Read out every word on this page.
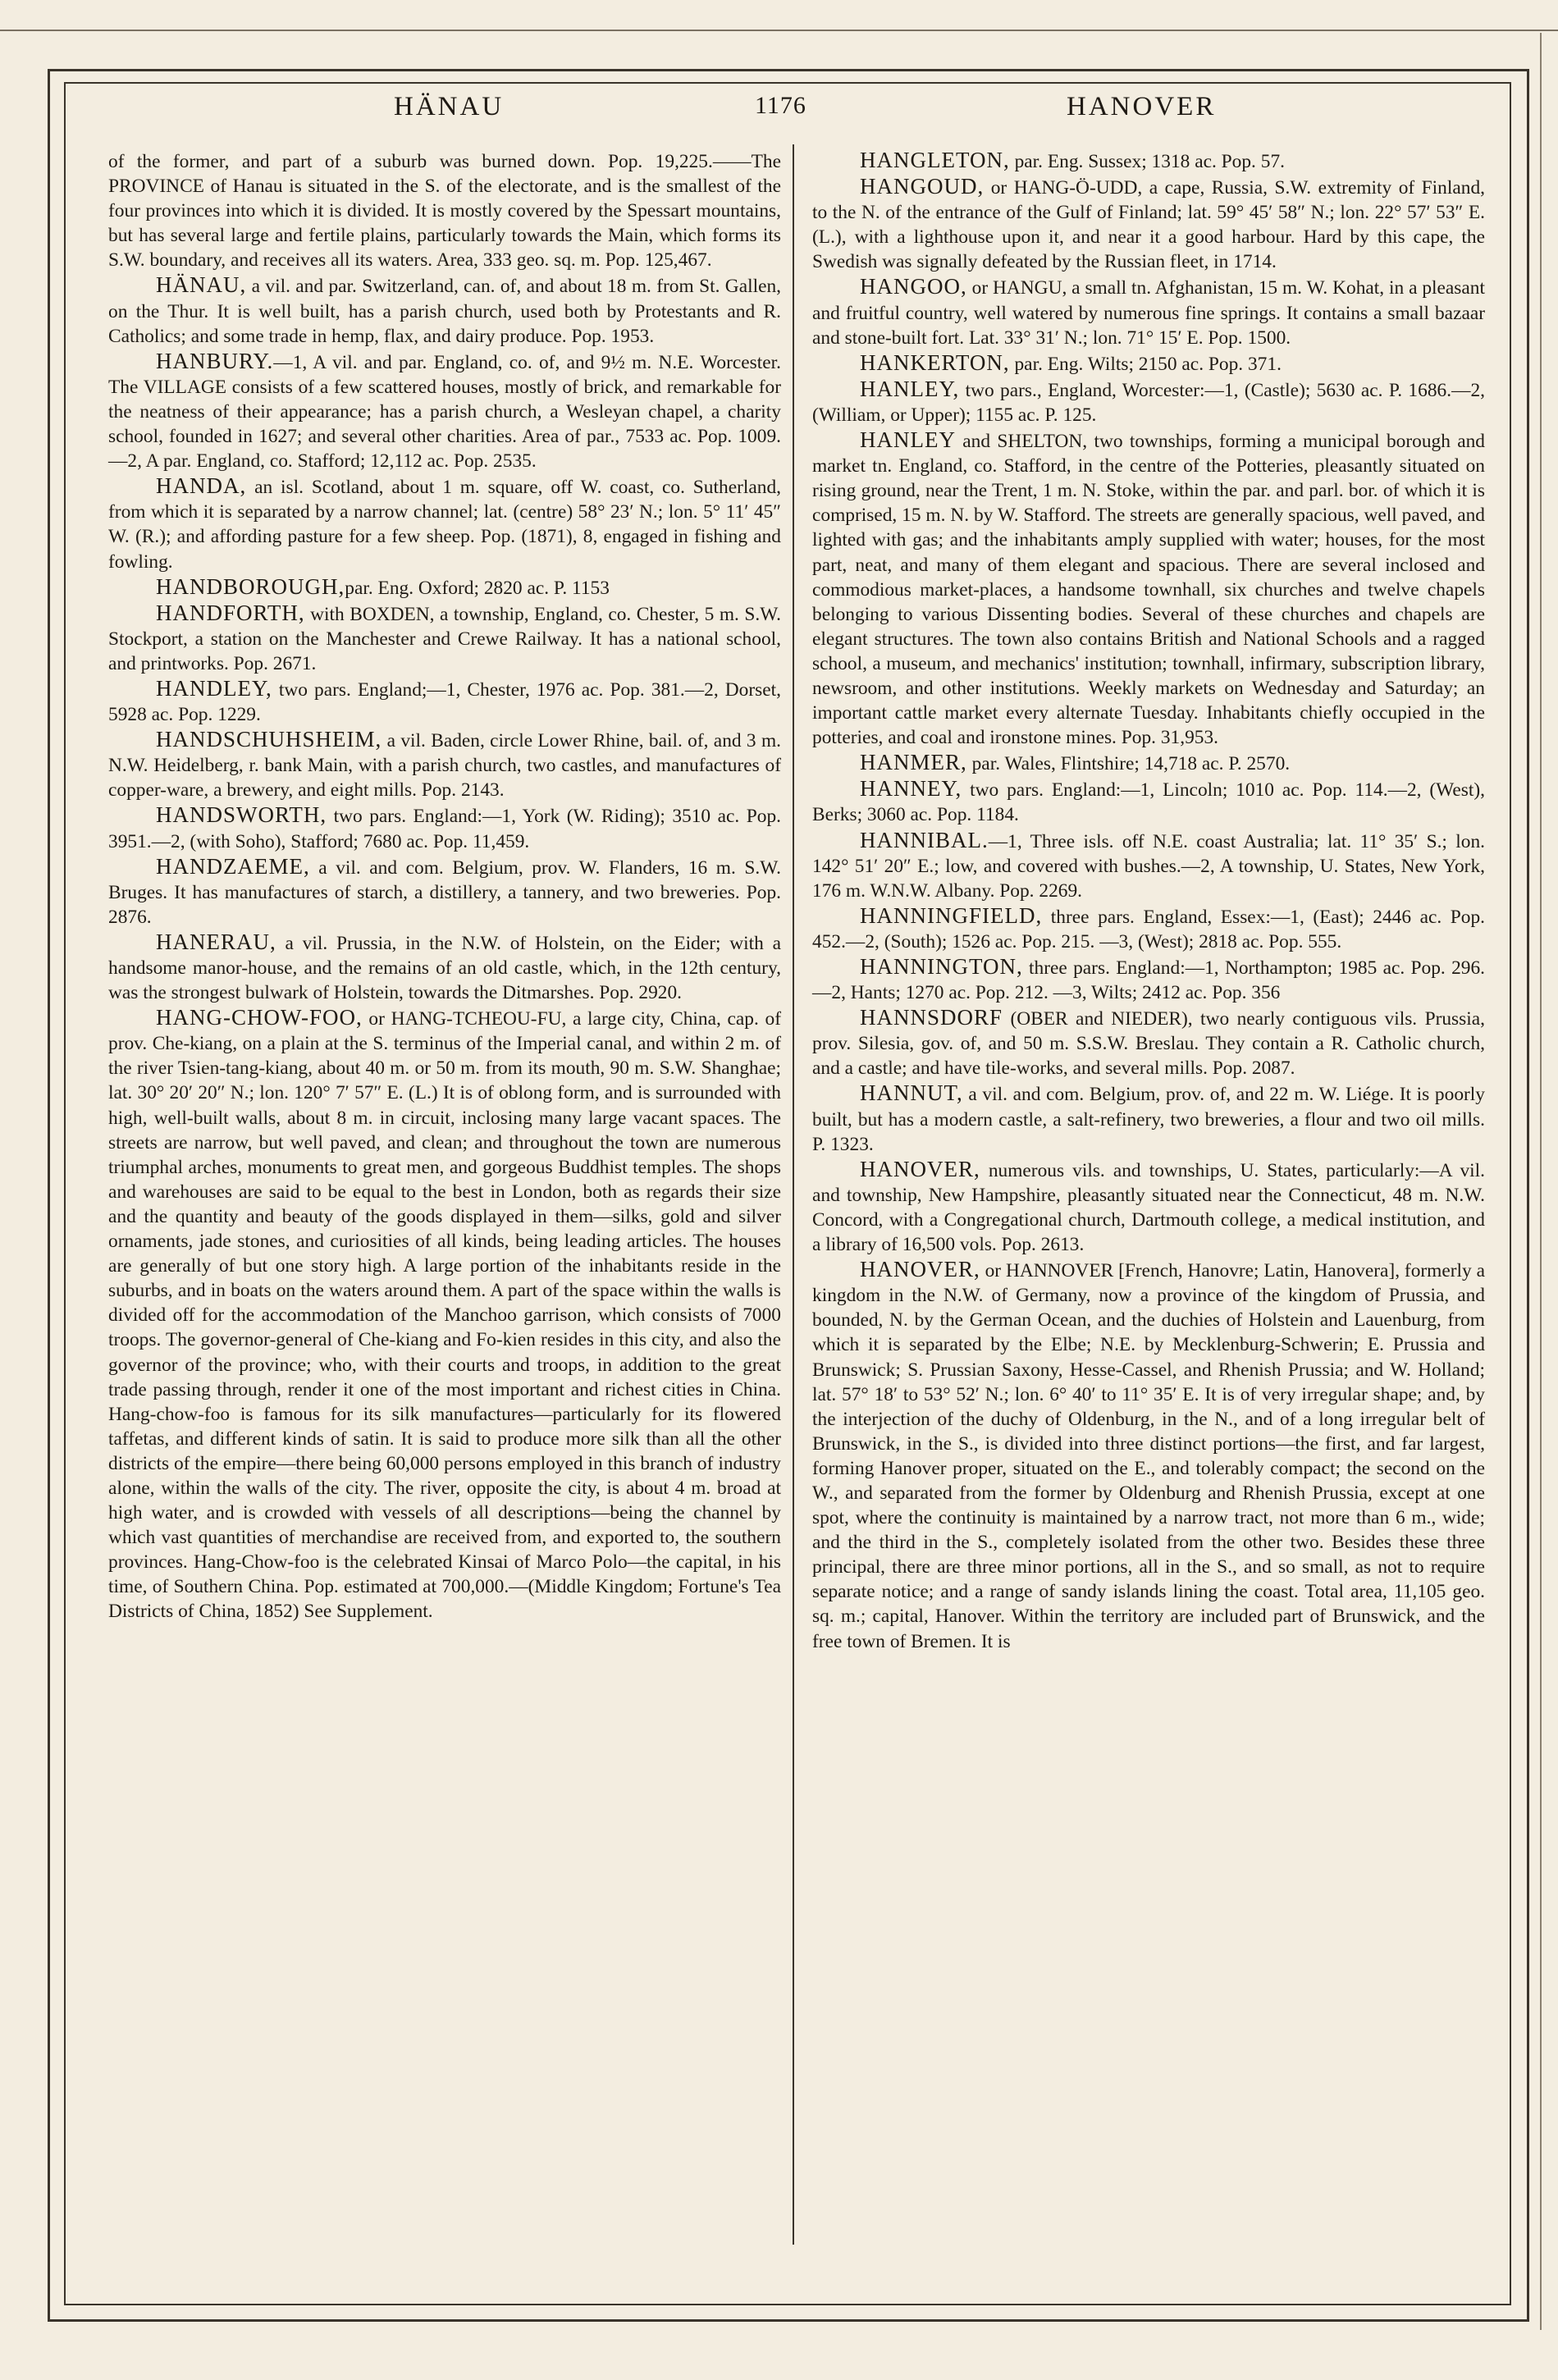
HÄNAU	1176	HANOVER

of the former, and part of a suburb was burned down. Pop. 19,225.——The PROVINCE of Hanau is situated in the S. of the electorate, and is the smallest of the four provinces into which it is divided. It is mostly covered by the Spessart mountains, but has several large and fertile plains, particularly towards the Main, which forms its S.W. boundary, and receives all its waters. Area, 333 geo. sq. m. Pop. 125,467.

HÄNAU, a vil. and par. Switzerland, can. of, and about 18 m. from St. Gallen, on the Thur. It is well built, has a parish church, used both by Protestants and R. Catholics; and some trade in hemp, flax, and dairy produce. Pop. 1953.

HANBURY.—1, A vil. and par. England, co. of, and 9½ m. N.E. Worcester. The VILLAGE consists of a few scattered houses, mostly of brick, and remarkable for the neatness of their appearance; has a parish church, a Wesleyan chapel, a charity school, founded in 1627; and several other charities. Area of par., 7533 ac. Pop. 1009.—2, A par. England, co. Stafford; 12,112 ac. Pop. 2535.

HANDA, an isl. Scotland, about 1 m. square, off W. coast, co. Sutherland, from which it is separated by a narrow channel; lat. (centre) 58° 23′ N.; lon. 5° 11′ 45″ W. (R.); and affording pasture for a few sheep. Pop. (1871), 8, engaged in fishing and fowling.

HANDBOROUGH,par. Eng. Oxford; 2820 ac. P. 1153

HANDFORTH, with BOXDEN, a township, England, co. Chester, 5 m. S.W. Stockport, a station on the Manchester and Crewe Railway. It has a national school, and printworks. Pop. 2671.

HANDLEY, two pars. England;—1, Chester, 1976 ac. Pop. 381.—2, Dorset, 5928 ac. Pop. 1229.

HANDSCHUHSHEIM, a vil. Baden, circle Lower Rhine, bail. of, and 3 m. N.W. Heidelberg, r. bank Main, with a parish church, two castles, and manufactures of copper-ware, a brewery, and eight mills. Pop. 2143.

HANDSWORTH, two pars. England:—1, York (W. Riding); 3510 ac. Pop. 3951.—2, (with Soho), Stafford; 7680 ac. Pop. 11,459.

HANDZAEME, a vil. and com. Belgium, prov. W. Flanders, 16 m. S.W. Bruges. It has manufactures of starch, a distillery, a tannery, and two breweries. Pop. 2876.

HANERAU, a vil. Prussia, in the N.W. of Holstein, on the Eider; with a handsome manor-house, and the remains of an old castle, which, in the 12th century, was the strongest bulwark of Holstein, towards the Ditmarshes. Pop. 2920.

HANG-CHOW-FOO, or HANG-TCHEOU-FU, a large city, China, cap. of prov. Che-kiang, on a plain at the S. terminus of the Imperial canal, and within 2 m. of the river Tsien-tang-kiang, about 40 m. or 50 m. from its mouth, 90 m. S.W. Shanghae; lat. 30° 20′ 20″ N.; lon. 120° 7′ 57″ E. (L.) It is of oblong form, and is surrounded with high, well-built walls, about 8 m. in circuit, inclosing many large vacant spaces. The streets are narrow, but well paved, and clean; and throughout the town are numerous triumphal arches, monuments to great men, and gorgeous Buddhist temples. The shops and warehouses are said to be equal to the best in London, both as regards their size and the quantity and beauty of the goods displayed in them—silks, gold and silver ornaments, jade stones, and curiosities of all kinds, being leading articles. The houses are generally of but one story high. A large portion of the inhabitants reside in the suburbs, and in boats on the waters around them. A part of the space within the walls is divided off for the accommodation of the Manchoo garrison, which consists of 7000 troops. The governor-general of Che-kiang and Fo-kien resides in this city, and also the governor of the province; who, with their courts and troops, in addition to the great trade passing through, render it one of the most important and richest cities in China. Hang-chow-foo is famous for its silk manufactures—particularly for its flowered taffetas, and different kinds of satin. It is said to produce more silk than all the other districts of the empire—there being 60,000 persons employed in this branch of industry alone, within the walls of the city. The river, opposite the city, is about 4 m. broad at high water, and is crowded with vessels of all descriptions—being the channel by which vast quantities of merchandise are received from, and exported to, the southern provinces. Hang-Chow-foo is the celebrated Kinsai of Marco Polo—the capital, in his time, of Southern China. Pop. estimated at 700,000.—(Middle Kingdom; Fortune's Tea Districts of China, 1852) See Supplement.

HANGLETON, par. Eng. Sussex; 1318 ac. Pop. 57.

HANGOUD, or HANG-Ö-UDD, a cape, Russia, S.W. extremity of Finland, to the N. of the entrance of the Gulf of Finland; lat. 59° 45′ 58″ N.; lon. 22° 57′ 53″ E. (L.), with a lighthouse upon it, and near it a good harbour. Hard by this cape, the Swedish was signally defeated by the Russian fleet, in 1714.

HANGOO, or HANGU, a small tn. Afghanistan, 15 m. W. Kohat, in a pleasant and fruitful country, well watered by numerous fine springs. It contains a small bazaar and stone-built fort. Lat. 33° 31′ N.; lon. 71° 15′ E. Pop. 1500.

HANKERTON, par. Eng. Wilts; 2150 ac. Pop. 371.

HANLEY, two pars., England, Worcester:—1, (Castle); 5630 ac. P. 1686.—2, (William, or Upper); 1155 ac. P. 125.

HANLEY and SHELTON, two townships, forming a municipal borough and market tn. England, co. Stafford, in the centre of the Potteries, pleasantly situated on rising ground, near the Trent, 1 m. N. Stoke, within the par. and parl. bor. of which it is comprised, 15 m. N. by W. Stafford. The streets are generally spacious, well paved, and lighted with gas; and the inhabitants amply supplied with water; houses, for the most part, neat, and many of them elegant and spacious. There are several inclosed and commodious market-places, a handsome townhall, six churches and twelve chapels belonging to various Dissenting bodies. Several of these churches and chapels are elegant structures. The town also contains British and National Schools and a ragged school, a museum, and mechanics' institution; townhall, infirmary, subscription library, newsroom, and other institutions. Weekly markets on Wednesday and Saturday; an important cattle market every alternate Tuesday. Inhabitants chiefly occupied in the potteries, and coal and ironstone mines. Pop. 31,953.

HANMER, par. Wales, Flintshire; 14,718 ac. P. 2570.

HANNEY, two pars. England:—1, Lincoln; 1010 ac. Pop. 114.—2, (West), Berks; 3060 ac. Pop. 1184.

HANNIBAL.—1, Three isls. off N.E. coast Australia; lat. 11° 35′ S.; lon. 142° 51′ 20″ E.; low, and covered with bushes.—2, A township, U. States, New York, 176 m. W.N.W. Albany. Pop. 2269.

HANNINGFIELD, three pars. England, Essex:—1, (East); 2446 ac. Pop. 452.—2, (South); 1526 ac. Pop. 215. —3, (West); 2818 ac. Pop. 555.

HANNINGTON, three pars. England:—1, Northampton; 1985 ac. Pop. 296.—2, Hants; 1270 ac. Pop. 212. —3, Wilts; 2412 ac. Pop. 356

HANNSDORF (OBER and NIEDER), two nearly contiguous vils. Prussia, prov. Silesia, gov. of, and 50 m. S.S.W. Breslau. They contain a R. Catholic church, and a castle; and have tile-works, and several mills. Pop. 2087.

HANNUT, a vil. and com. Belgium, prov. of, and 22 m. W. Liége. It is poorly built, but has a modern castle, a salt-refinery, two breweries, a flour and two oil mills. P. 1323.

HANOVER, numerous vils. and townships, U. States, particularly:—A vil. and township, New Hampshire, pleasantly situated near the Connecticut, 48 m. N.W. Concord, with a Congregational church, Dartmouth college, a medical institution, and a library of 16,500 vols. Pop. 2613.

HANOVER, or HANNOVER [French, Hanovre; Latin, Hanovera], formerly a kingdom in the N.W. of Germany, now a province of the kingdom of Prussia, and bounded, N. by the German Ocean, and the duchies of Holstein and Lauenburg, from which it is separated by the Elbe; N.E. by Mecklenburg-Schwerin; E. Prussia and Brunswick; S. Prussian Saxony, Hesse-Cassel, and Rhenish Prussia; and W. Holland; lat. 57° 18′ to 53° 52′ N.; lon. 6° 40′ to 11° 35′ E. It is of very irregular shape; and, by the interjection of the duchy of Oldenburg, in the N., and of a long irregular belt of Brunswick, in the S., is divided into three distinct portions—the first, and far largest, forming Hanover proper, situated on the E., and tolerably compact; the second on the W., and separated from the former by Oldenburg and Rhenish Prussia, except at one spot, where the continuity is maintained by a narrow tract, not more than 6 m., wide; and the third in the S., completely isolated from the other two. Besides these three principal, there are three minor portions, all in the S., and so small, as not to require separate notice; and a range of sandy islands lining the coast. Total area, 11,105 geo. sq. m.; capital, Hanover. Within the territory are included part of Brunswick, and the free town of Bremen. It is
